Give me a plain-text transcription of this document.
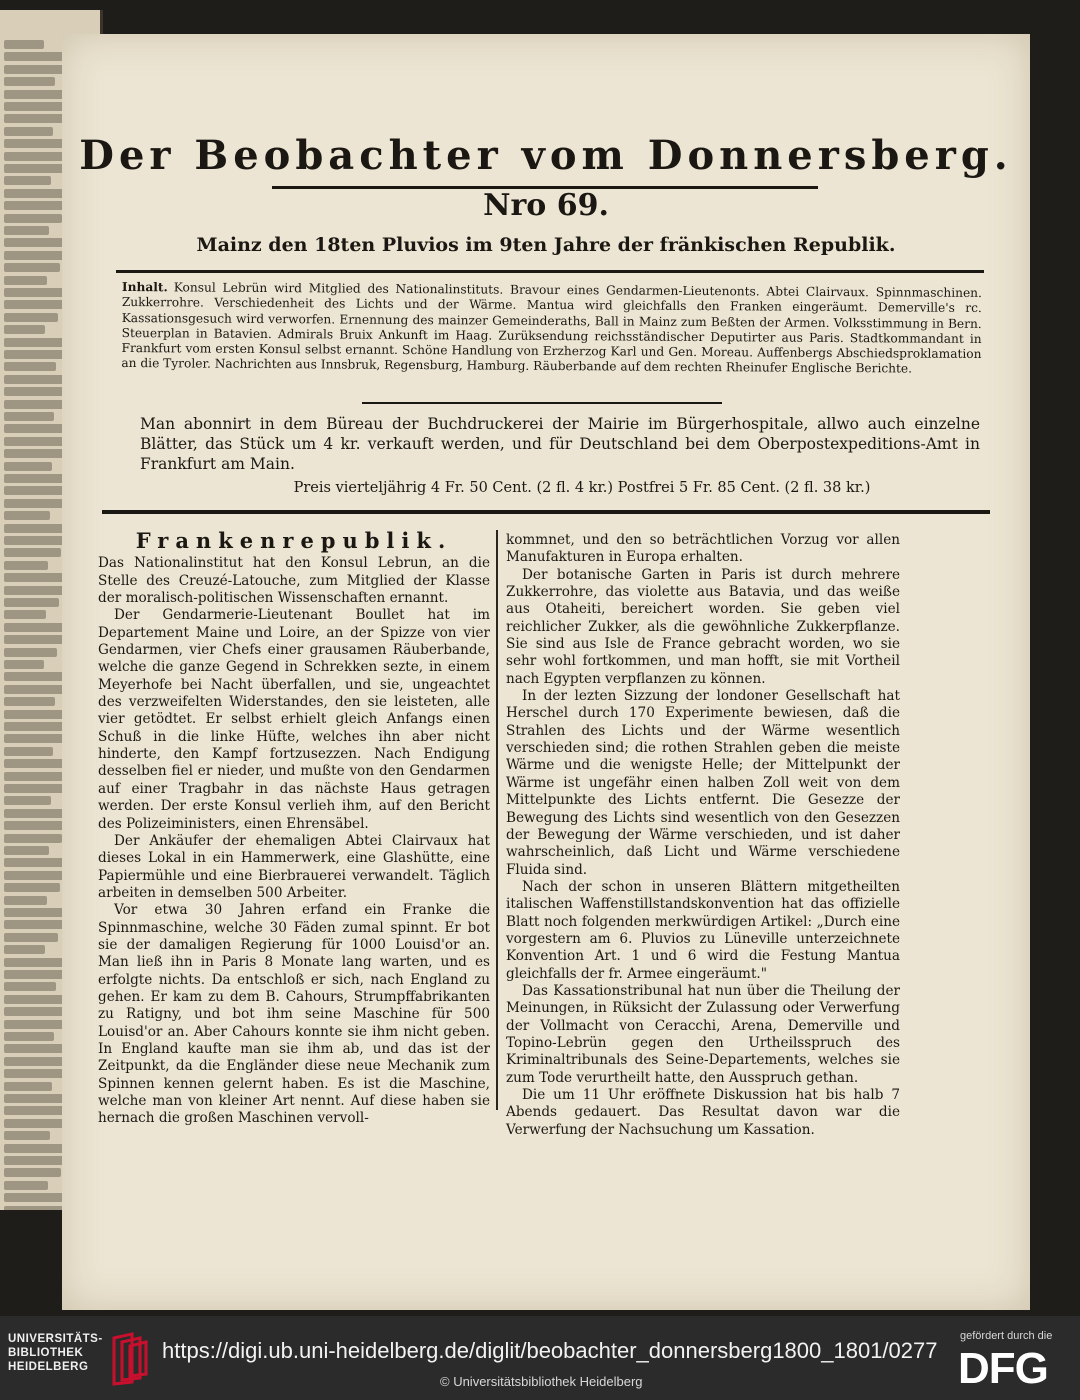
Der Beobachter vom Donnersberg.
Nro 69.
Mainz den 18ten Pluvios im 9ten Jahre der fränkischen Republik.
Inhalt. Konsul Lebrün wird Mitglied des Nationalinstituts. Bravour eines Gendarmen-Lieutenonts. Abtei Clairvaux. Spinnmaschinen. Zukkerrohre. Verschiedenheit des Lichts und der Wärme. Mantua wird gleichfalls den Franken eingeräumt. Demerville's rc. Kassationsgesuch wird verworfen. Ernennung des mainzer Gemeinderaths, Ball in Mainz zum Beßten der Armen. Volksstimmung in Bern. Steuerplan in Batavien. Admirals Bruix Ankunft im Haag. Zurüksendung reichsständischer Deputirter aus Paris. Stadtkommandant in Frankfurt vom ersten Konsul selbst ernannt. Schöne Handlung von Erzherzog Karl und Gen. Moreau. Auffenbergs Abschiedsproklamation an die Tyroler. Nachrichten aus Innsbruk, Regensburg, Hamburg. Räuberbande auf dem rechten Rheinufer Englische Berichte.
Man abonnirt in dem Büreau der Buchdruckerei der Mairie im Bürgerhospitale, allwo auch einzelne Blätter, das Stück um 4 kr. verkauft werden, und für Deutschland bei dem Oberpostexpeditions-Amt in Frankfurt am Main.
Preis vierteljährig 4 Fr. 50 Cent. (2 fl. 4 kr.) Postfrei 5 Fr. 85 Cent. (2 fl. 38 kr.)

Frankenrepublik.

Das Nationalinstitut hat den Konsul Lebrun, an die Stelle des Creuzé-Latouche, zum Mitglied der Klasse der moralisch-politischen Wissenschaften ernannt.

Der Gendarmerie-Lieutenant Boullet hat im Departement Maine und Loire, an der Spizze von vier Gendarmen, vier Chefs einer grausamen Räuberbande, welche die ganze Gegend in Schrekken sezte, in einem Meyerhofe bei Nacht überfallen, und sie, ungeachtet des verzweifelten Widerstandes, den sie leisteten, alle vier getödtet. Er selbst erhielt gleich Anfangs einen Schuß in die linke Hüfte, welches ihn aber nicht hinderte, den Kampf fortzusezzen. Nach Endigung desselben fiel er nieder, und mußte von den Gendarmen auf einer Tragbahr in das nächste Haus getragen werden. Der erste Konsul verlieh ihm, auf den Bericht des Polizeiministers, einen Ehrensäbel.

Der Ankäufer der ehemaligen Abtei Clairvaux hat dieses Lokal in ein Hammerwerk, eine Glashütte, eine Papiermühle und eine Bierbrauerei verwandelt. Täglich arbeiten in demselben 500 Arbeiter.

Vor etwa 30 Jahren erfand ein Franke die Spinnmaschine, welche 30 Fäden zumal spinnt. Er bot sie der damaligen Regierung für 1000 Louisd'or an. Man ließ ihn in Paris 8 Monate lang warten, und es erfolgte nichts. Da entschloß er sich, nach England zu gehen. Er kam zu dem B. Cahours, Strumpffabrikanten zu Ratigny, und bot ihm seine Maschine für 500 Louisd'or an. Aber Cahours konnte sie ihm nicht geben. In England kaufte man sie ihm ab, und das ist der Zeitpunkt, da die Engländer diese neue Mechanik zum Spinnen kennen gelernt haben. Es ist die Maschine, welche man von kleiner Art nennt. Auf diese haben sie hernach die großen Maschinen vervoll-

kommnet, und den so beträchtlichen Vorzug vor allen Manufakturen in Europa erhalten.

Der botanische Garten in Paris ist durch mehrere Zukkerrohre, das violette aus Batavia, und das weiße aus Otaheiti, bereichert worden. Sie geben viel reichlicher Zukker, als die gewöhnliche Zukkerpflanze. Sie sind aus Isle de France gebracht worden, wo sie sehr wohl fortkommen, und man hofft, sie mit Vortheil nach Egypten verpflanzen zu können.

In der lezten Sizzung der londoner Gesellschaft hat Herschel durch 170 Experimente bewiesen, daß die Strahlen des Lichts und der Wärme wesentlich verschieden sind; die rothen Strahlen geben die meiste Wärme und die wenigste Helle; der Mittelpunkt der Wärme ist ungefähr einen halben Zoll weit von dem Mittelpunkte des Lichts entfernt. Die Gesezze der Bewegung des Lichts sind wesentlich von den Gesezzen der Bewegung der Wärme verschieden, und ist daher wahrscheinlich, daß Licht und Wärme verschiedene Fluida sind.

Nach der schon in unseren Blättern mitgetheilten italischen Waffenstillstandskonvention hat das offizielle Blatt noch folgenden merkwürdigen Artikel: „Durch eine vorgestern am 6. Pluvios zu Lüneville unterzeichnete Konvention Art. 1 und 6 wird die Festung Mantua gleichfalls der fr. Armee eingeräumt."

Das Kassationstribunal hat nun über die Theilung der Meinungen, in Rüksicht der Zulassung oder Verwerfung der Vollmacht von Ceracchi, Arena, Demerville und Topino-Lebrün gegen den Urtheilsspruch des Kriminaltribunals des Seine-Departements, welches sie zum Tode verurtheilt hatte, den Ausspruch gethan.

Die um 11 Uhr eröffnete Diskussion hat bis halb 7 Abends gedauert. Das Resultat davon war die Verwerfung der Nachsuchung um Kassation.

UNIVERSITÄTS-
BIBLIOTHEK
HEIDELBERG
https://digi.ub.uni-heidelberg.de/diglit/beobachter_donnersberg1800_1801/0277
© Universitätsbibliothek Heidelberg
gefördert durch die
DFG
